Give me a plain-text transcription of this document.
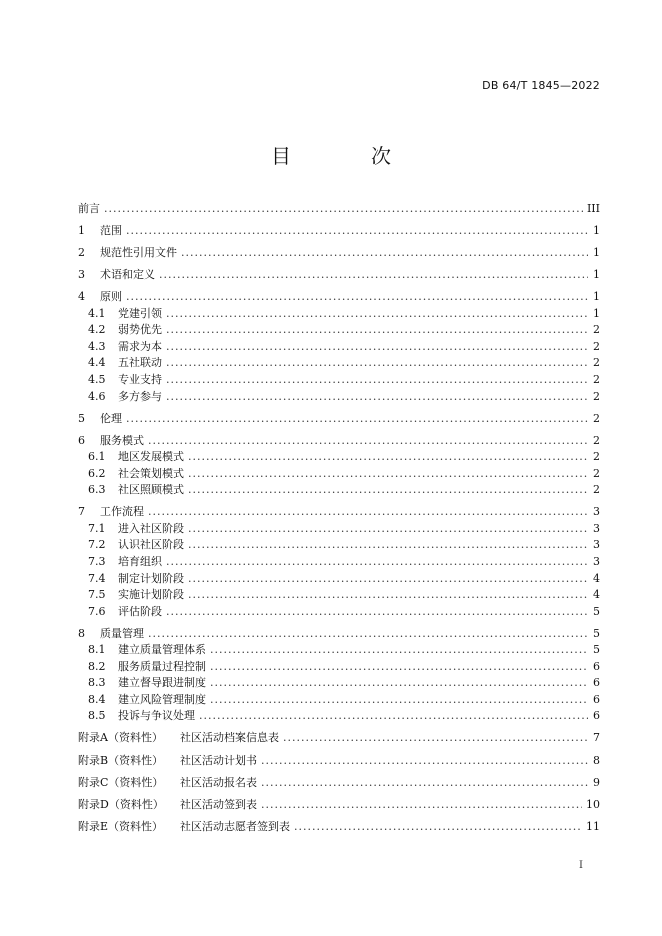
DB 64/T 1845—2022
目　次
前言 .....	III
1	范围 .....	1
2	规范性引用文件 .....	1
3	术语和定义 .....	1
4	原则 .....	1
4.1	党建引领 .....	1
4.2	弱势优先 .....	2
4.3	需求为本 .....	2
4.4	五社联动 .....	2
4.5	专业支持 .....	2
4.6	多方参与 .....	2
5	伦理 .....	2
6	服务模式 .....	2
6.1	地区发展模式 .....	2
6.2	社会策划模式 .....	2
6.3	社区照顾模式 .....	2
7	工作流程 .....	3
7.1	进入社区阶段 .....	3
7.2	认识社区阶段 .....	3
7.3	培育组织 .....	3
7.4	制定计划阶段 .....	4
7.5	实施计划阶段 .....	4
7.6	评估阶段 .....	5
8	质量管理 .....	5
8.1	建立质量管理体系 .....	5
8.2	服务质量过程控制 .....	6
8.3	建立督导跟进制度 .....	6
8.4	建立风险管理制度 .....	6
8.5	投诉与争议处理 .....	6
附录A（资料性） 社区活动档案信息表 .....	7
附录B（资料性） 社区活动计划书 .....	8
附录C（资料性） 社区活动报名表 .....	9
附录D（资料性） 社区活动签到表 .....	10
附录E（资料性） 社区活动志愿者签到表 .....	11
I
